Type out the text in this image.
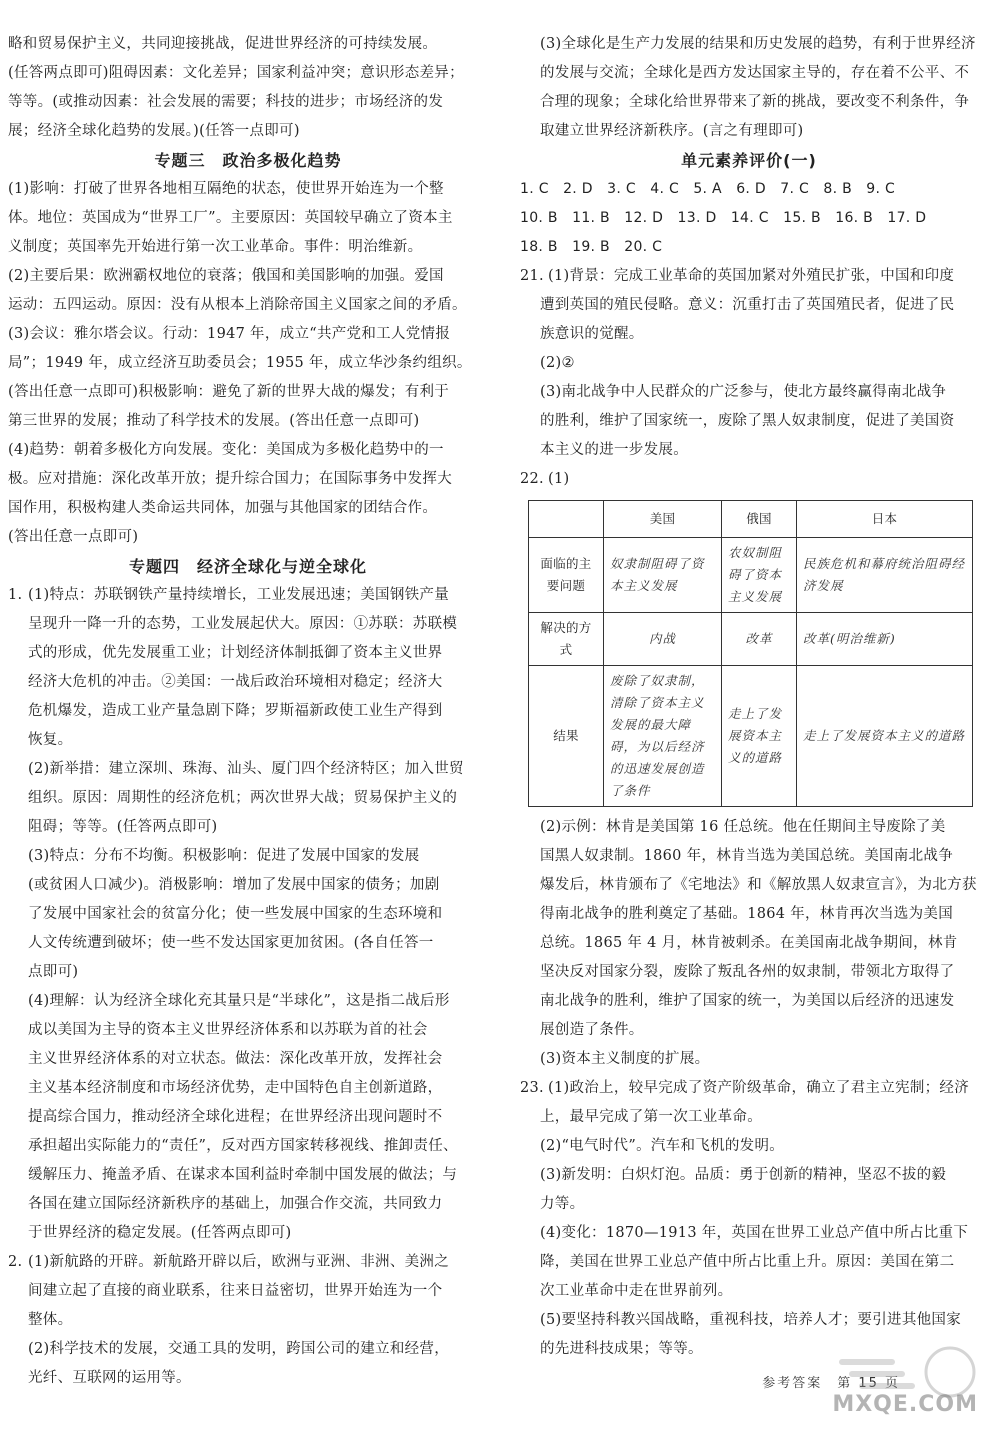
略和贸易保护主义，共同迎接挑战，促进世界经济的可持续发展。

(任答两点即可)阻碍因素：文化差异；国家利益冲突；意识形态差异；

等等。(或推动因素：社会发展的需要；科技的进步；市场经济的发

展；经济全球化趋势的发展。)(任答一点即可)

专题三　政治多极化趋势

(1)影响：打破了世界各地相互隔绝的状态，使世界开始连为一个整

体。地位：英国成为“世界工厂”。主要原因：英国较早确立了资本主

义制度；英国率先开始进行第一次工业革命。事件：明治维新。

(2)主要后果：欧洲霸权地位的衰落；俄国和美国影响的加强。爱国

运动：五四运动。原因：没有从根本上消除帝国主义国家之间的矛盾。

(3)会议：雅尔塔会议。行动：1947 年，成立“共产党和工人党情报

局”；1949 年，成立经济互助委员会；1955 年，成立华沙条约组织。

(答出任意一点即可)积极影响：避免了新的世界大战的爆发；有利于

第三世界的发展；推动了科学技术的发展。(答出任意一点即可)

(4)趋势：朝着多极化方向发展。变化：美国成为多极化趋势中的一

极。应对措施：深化改革开放；提升综合国力；在国际事务中发挥大

国作用，积极构建人类命运共同体，加强与其他国家的团结合作。

(答出任意一点即可)

专题四　经济全球化与逆全球化

1. (1)特点：苏联钢铁产量持续增长，工业发展迅速；美国钢铁产量

呈现升一降一升的态势，工业发展起伏大。原因：①苏联：苏联模

式的形成，优先发展重工业；计划经济体制抵御了资本主义世界

经济大危机的冲击。②美国：一战后政治环境相对稳定；经济大

危机爆发，造成工业产量急剧下降；罗斯福新政使工业生产得到

恢复。

(2)新举措：建立深圳、珠海、汕头、厦门四个经济特区；加入世贸

组织。原因：周期性的经济危机；两次世界大战；贸易保护主义的

阻碍；等等。(任答两点即可)

(3)特点：分布不均衡。积极影响：促进了发展中国家的发展

(或贫困人口减少)。消极影响：增加了发展中国家的债务；加剧

了发展中国家社会的贫富分化；使一些发展中国家的生态环境和

人文传统遭到破坏；使一些不发达国家更加贫困。(各自任答一

点即可)

(4)理解：认为经济全球化充其量只是“半球化”，这是指二战后形

成以美国为主导的资本主义世界经济体系和以苏联为首的社会

主义世界经济体系的对立状态。做法：深化改革开放，发挥社会

主义基本经济制度和市场经济优势，走中国特色自主创新道路，

提高综合国力，推动经济全球化进程；在世界经济出现问题时不

承担超出实际能力的“责任”，反对西方国家转移视线、推卸责任、

缓解压力、掩盖矛盾、在谋求本国利益时牵制中国发展的做法；与

各国在建立国际经济新秩序的基础上，加强合作交流，共同致力

于世界经济的稳定发展。(任答两点即可)

2. (1)新航路的开辟。新航路开辟以后，欧洲与亚洲、非洲、美洲之

间建立起了直接的商业联系，往来日益密切，世界开始连为一个

整体。

(2)科学技术的发展，交通工具的发明，跨国公司的建立和经营，

光纤、互联网的运用等。

(3)全球化是生产力发展的结果和历史发展的趋势，有利于世界经济

的发展与交流；全球化是西方发达国家主导的，存在着不公平、不

合理的现象；全球化给世界带来了新的挑战，要改变不利条件，争

取建立世界经济新秩序。(言之有理即可)

单元素养评价(一)

1. C　2. D　3. C　4. C　5. A　6. D　7. C　8. B　9. C

10. B　11. B　12. D　13. D　14. C　15. B　16. B　17. D

18. B　19. B　20. C

21. (1)背景：完成工业革命的英国加紧对外殖民扩张，中国和印度

遭到英国的殖民侵略。意义：沉重打击了英国殖民者，促进了民

族意识的觉醒。

(2)②

(3)南北战争中人民群众的广泛参与，使北方最终赢得南北战争

的胜利，维护了国家统一，废除了黑人奴隶制度，促进了美国资

本主义的进一步发展。

22. (1)

	美国	俄国	日本
面临的主要问题	奴隶制阻碍了资本主义发展	农奴制阻碍了资本主义发展	民族危机和幕府统治阻碍经济发展
解决的方式	内战	改革	改革(明治维新)
结果	废除了奴隶制，清除了资本主义发展的最大障碍，为以后经济的迅速发展创造了条件	走上了发展资本主义的道路	走上了发展资本主义的道路

(2)示例：林肯是美国第 16 任总统。他在任期间主导废除了美

国黑人奴隶制。1860 年，林肯当选为美国总统。美国南北战争

爆发后，林肯颁布了《宅地法》和《解放黑人奴隶宣言》，为北方获

得南北战争的胜利奠定了基础。1864 年，林肯再次当选为美国

总统。1865 年 4 月，林肯被刺杀。在美国南北战争期间，林肯

坚决反对国家分裂，废除了叛乱各州的奴隶制，带领北方取得了

南北战争的胜利，维护了国家的统一，为美国以后经济的迅速发

展创造了条件。

(3)资本主义制度的扩展。

23. (1)政治上，较早完成了资产阶级革命，确立了君主立宪制；经济

上，最早完成了第一次工业革命。

(2)“电气时代”。汽车和飞机的发明。

(3)新发明：白炽灯泡。品质：勇于创新的精神，坚忍不拔的毅

力等。

(4)变化：1870—1913 年，英国在世界工业总产值中所占比重下

降，美国在世界工业总产值中所占比重上升。原因：美国在第二

次工业革命中走在世界前列。

(5)要坚持科教兴国战略，重视科技，培养人才；要引进其他国家

的先进科技成果；等等。

参考答案　第 15 页
MXQE.COM
